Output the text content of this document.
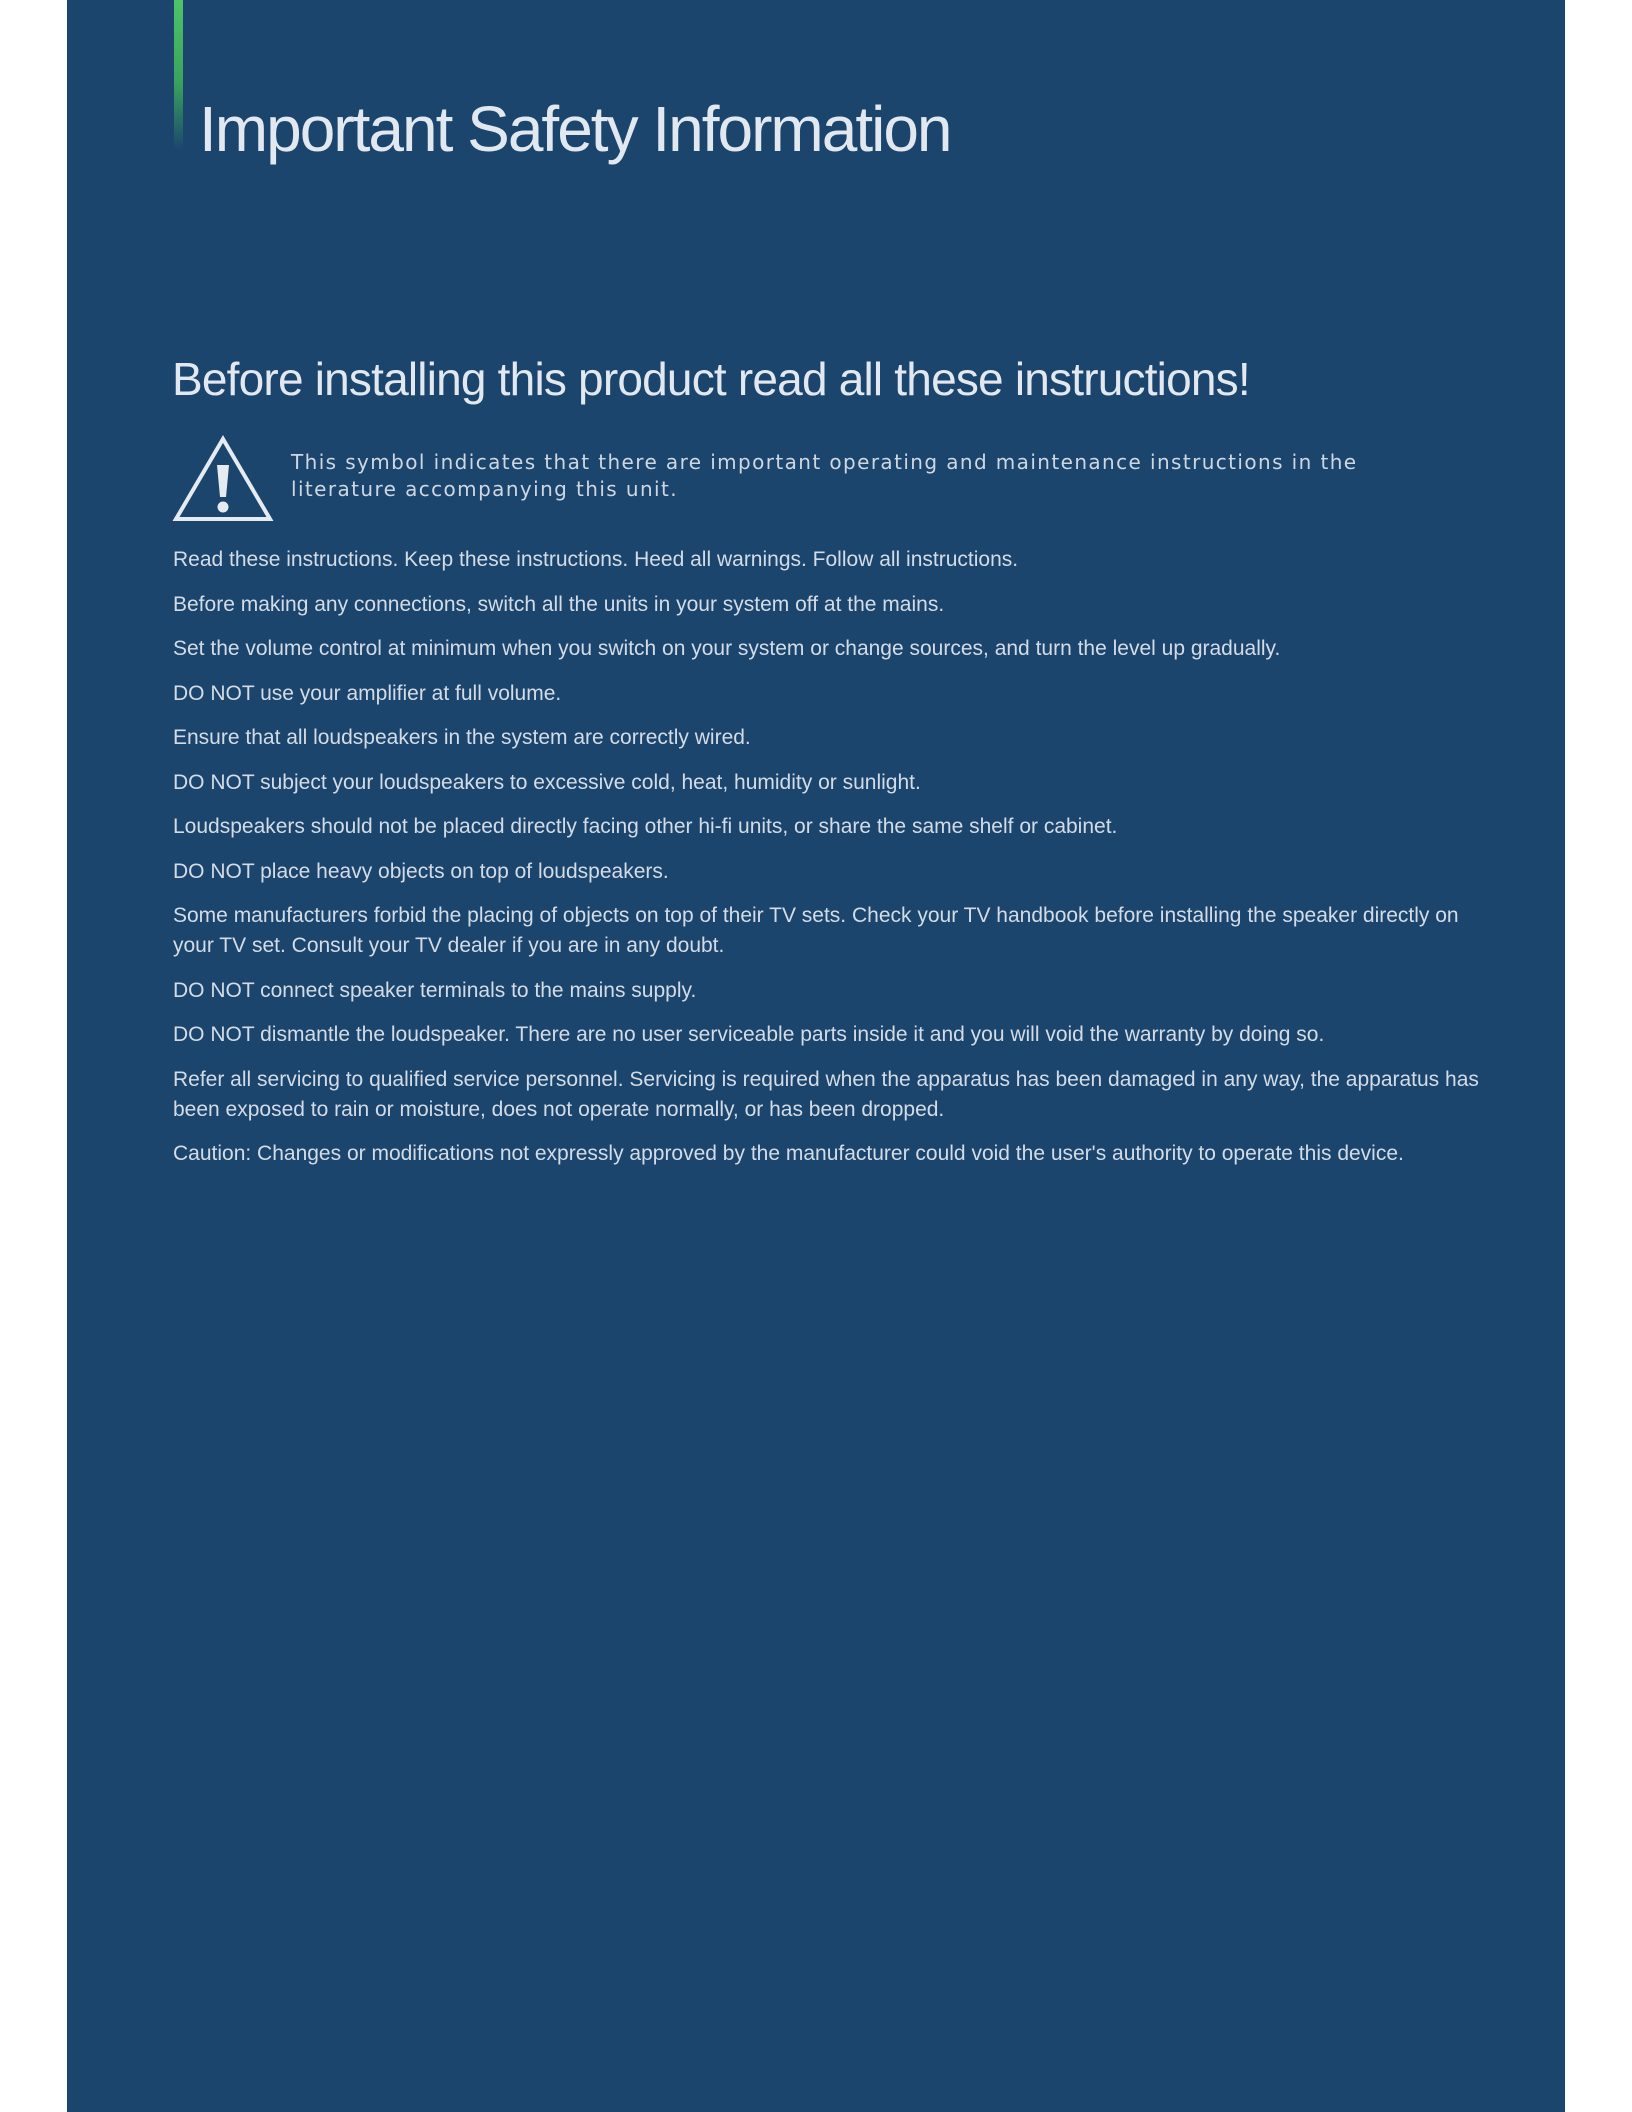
Important Safety Information
Before installing this product read all these instructions!

This symbol indicates that there are important operating and maintenance instructions in the literature accompanying this unit.

Read these instructions. Keep these instructions. Heed all warnings. Follow all instructions.
Before making any connections, switch all the units in your system off at the mains.
Set the volume control at minimum when you switch on your system or change sources, and turn the level up gradually.
DO NOT use your amplifier at full volume.
Ensure that all loudspeakers in the system are correctly wired.
DO NOT subject your loudspeakers to excessive cold, heat, humidity or sunlight.
Loudspeakers should not be placed directly facing other hi-fi units, or share the same shelf or cabinet.
DO NOT place heavy objects on top of loudspeakers.
Some manufacturers forbid the placing of objects on top of their TV sets. Check your TV handbook before installing the speaker directly on your TV set. Consult your TV dealer if you are in any doubt.
DO NOT connect speaker terminals to the mains supply.
DO NOT dismantle the loudspeaker. There are no user serviceable parts inside it and you will void the warranty by doing so.
Refer all servicing to qualified service personnel. Servicing is required when the apparatus has been damaged in any way, the apparatus has been exposed to rain or moisture, does not operate normally, or has been dropped.
Caution: Changes or modifications not expressly approved by the manufacturer could void the user's authority to operate this device.
